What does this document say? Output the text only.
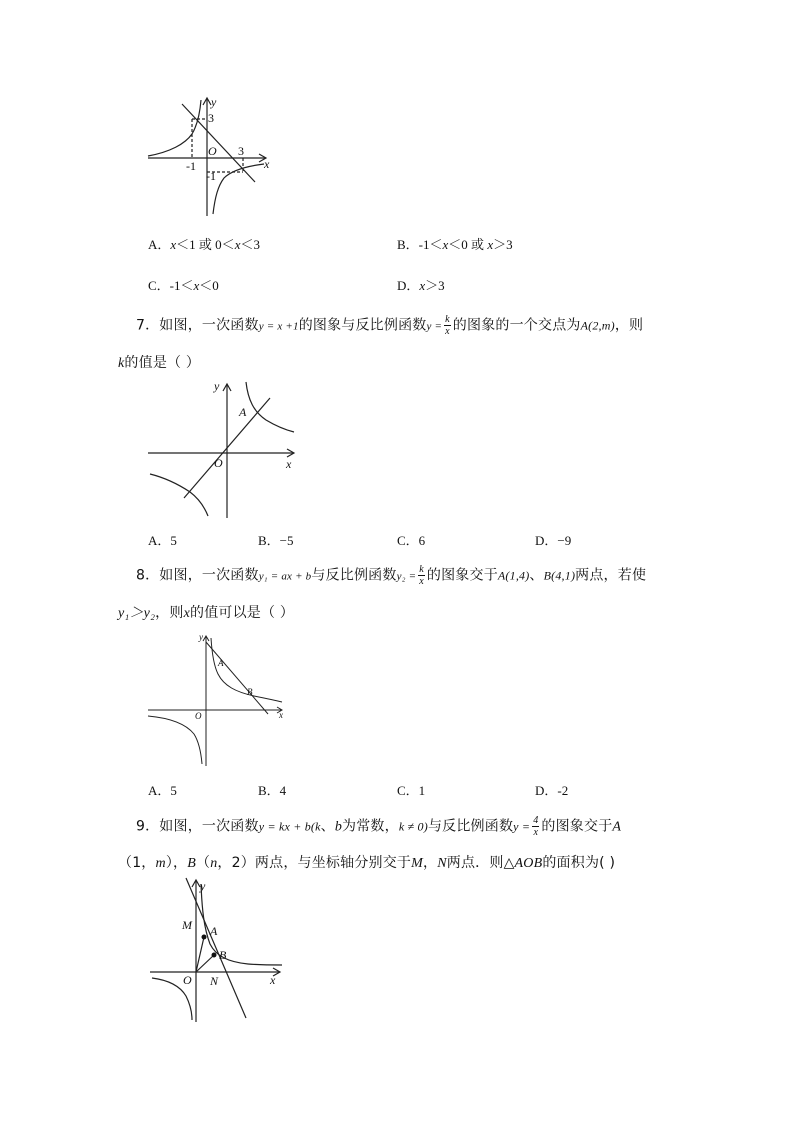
y
x
O
3
3
-1
-1
A．x＜1 或 0＜x＜3	B．-1＜x＜0 或 x＞3
C．-1＜x＜0	D．x＞3
7．如图，一次函数y = x +1的图象与反比例函数$y = \frac{k}{x}$ 的图象的一个交点为A(2,m)，则
k的值是（ ）
y
x
O
A
A．5	B．−5	C．6	D．−9
8．如图，一次函数y₁ = ax + b与反比例函数$y_2 = \frac{k}{x}$ 的图象交于A(1,4)、B(4,1)两点，若使
y₁＞y₂，则x的值可以是（ ）
y
x
O
A
B
A．5	B．4	C．1	D．-2
9．如图，一次函数y = kx + b(k、b为常数，k ≠ 0)与反比例函数$y = \frac{4}{x}$ 的图象交于A
（1，m），B（n，2）两点，与坐标轴分别交于M，N两点．则△AOB的面积为( )
y
x
O
M A
B
N
